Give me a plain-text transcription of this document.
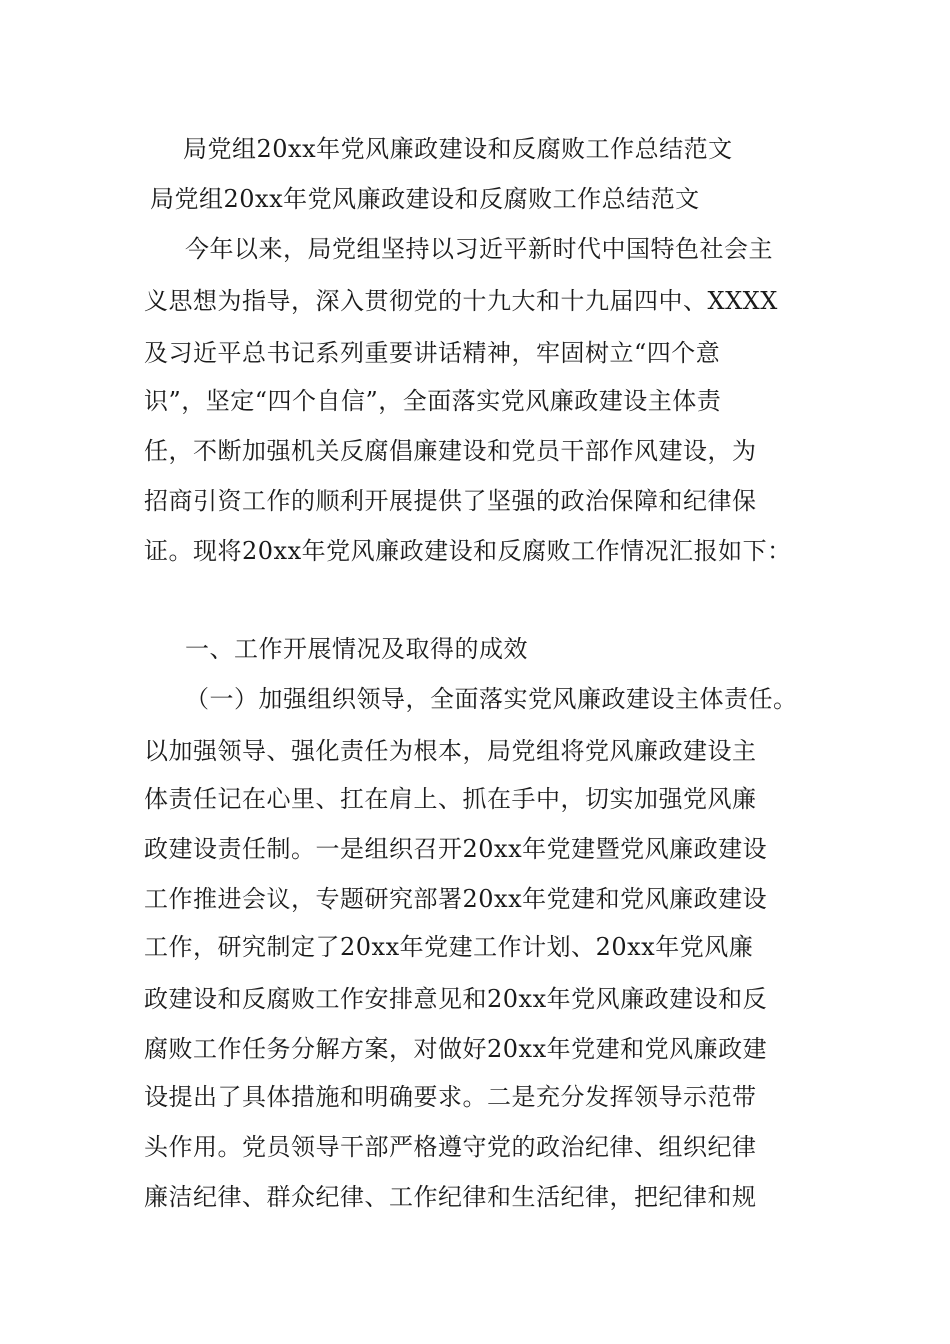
局党组20xx年党风廉政建设和反腐败工作总结范文
局党组20xx年党风廉政建设和反腐败工作总结范文
今年以来，局党组坚持以习近平新时代中国特色社会主
义思想为指导，深入贯彻党的十九大和十九届四中、XXXX
及习近平总书记系列重要讲话精神，牢固树立“四个意
识”，坚定“四个自信”，全面落实党风廉政建设主体责
任，不断加强机关反腐倡廉建设和党员干部作风建设，为
招商引资工作的顺利开展提供了坚强的政治保障和纪律保
证。现将20xx年党风廉政建设和反腐败工作情况汇报如下：
一、工作开展情况及取得的成效
（一）加强组织领导，全面落实党风廉政建设主体责任。
以加强领导、强化责任为根本，局党组将党风廉政建设主
体责任记在心里、扛在肩上、抓在手中，切实加强党风廉
政建设责任制。一是组织召开20xx年党建暨党风廉政建设
工作推进会议，专题研究部署20xx年党建和党风廉政建设
工作，研究制定了20xx年党建工作计划、20xx年党风廉
政建设和反腐败工作安排意见和20xx年党风廉政建设和反
腐败工作任务分解方案，对做好20xx年党建和党风廉政建
设提出了具体措施和明确要求。二是充分发挥领导示范带
头作用。党员领导干部严格遵守党的政治纪律、组织纪律
廉洁纪律、群众纪律、工作纪律和生活纪律，把纪律和规
